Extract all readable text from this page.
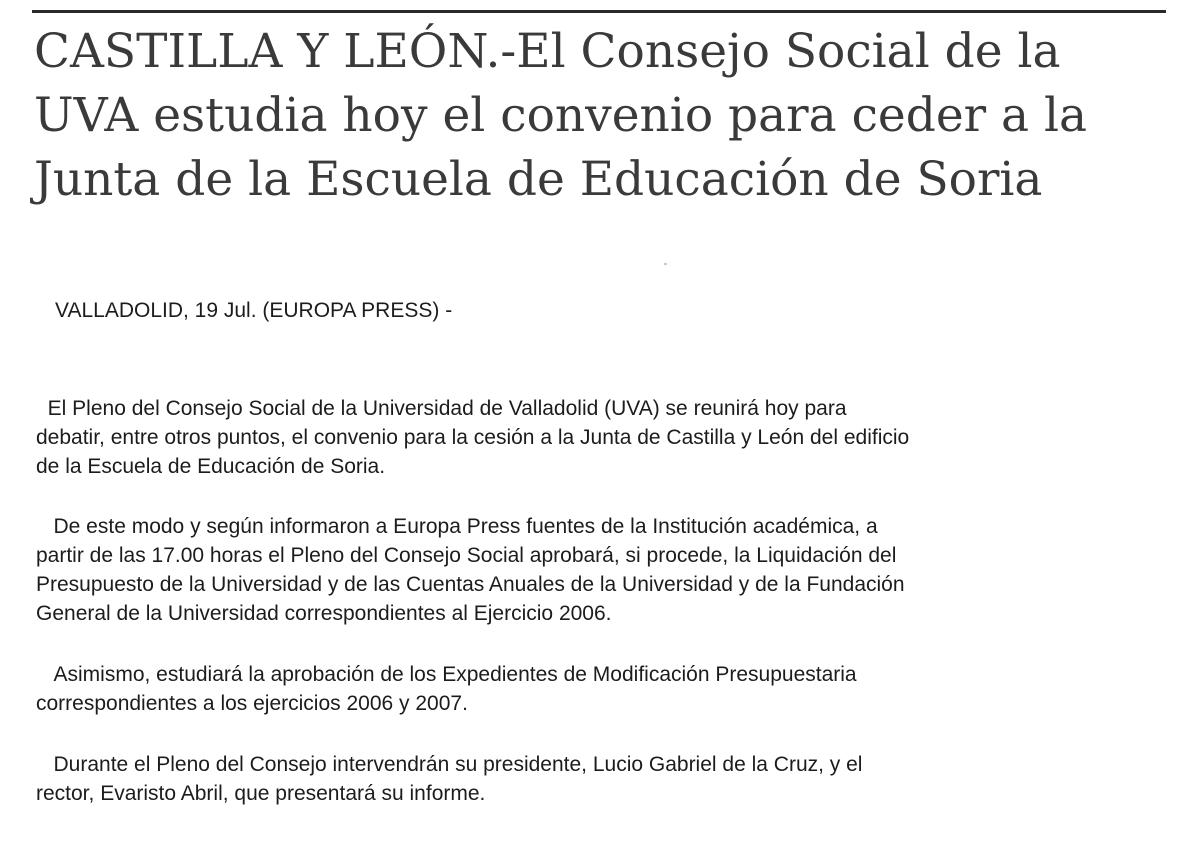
CASTILLA Y LEÓN.-El Consejo Social de la
UVA estudia hoy el convenio para ceder a la
Junta de la Escuela de Educación de Soria

VALLADOLID, 19 Jul. (EUROPA PRESS) -

El Pleno del Consejo Social de la Universidad de Valladolid (UVA) se reunirá hoy para
debatir, entre otros puntos, el convenio para la cesión a la Junta de Castilla y León del edificio
de la Escuela de Educación de Soria.

De este modo y según informaron a Europa Press fuentes de la Institución académica, a
partir de las 17.00 horas el Pleno del Consejo Social aprobará, si procede, la Liquidación del
Presupuesto de la Universidad y de las Cuentas Anuales de la Universidad y de la Fundación
General de la Universidad correspondientes al Ejercicio 2006.

Asimismo, estudiará la aprobación de los Expedientes de Modificación Presupuestaria
correspondientes a los ejercicios 2006 y 2007.

Durante el Pleno del Consejo intervendrán su presidente, Lucio Gabriel de la Cruz, y el
rector, Evaristo Abril, que presentará su informe.
